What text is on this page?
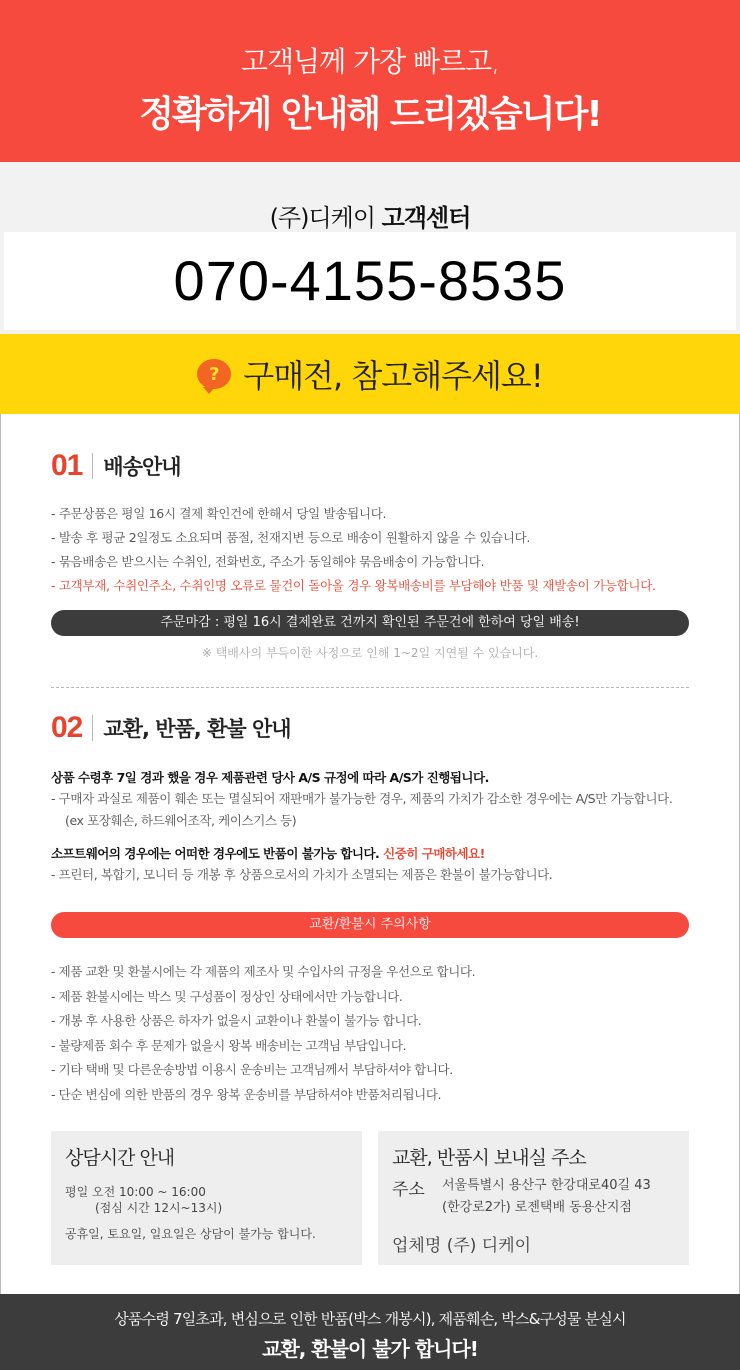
고객님께 가장 빠르고,
정확하게 안내해 드리겠습니다!
(주)디케이 고객센터
070-4155-8535
? 구매전, 참고해주세요!
01 배송안내
- 주문상품은 평일 16시 결제 확인건에 한해서 당일 발송됩니다.
- 발송 후 평균 2일정도 소요되며 품절, 천재지변 등으로 배송이 원활하지 않을 수 있습니다.
- 묶음배송은 받으시는 수취인, 전화번호, 주소가 동일해야 묶음배송이 가능합니다.
- 고객부재, 수취인주소, 수취인명 오류로 물건이 돌아올 경우 왕복배송비를 부담해야 반품 및 재발송이 가능합니다.
주문마감 : 평일 16시 결제완료 건까지 확인된 주문건에 한하여 당일 배송!
※ 택배사의 부득이한 사정으로 인해 1~2일 지연될 수 있습니다.
02 교환, 반품, 환불 안내
상품 수령후 7일 경과 했을 경우 제품관련 당사 A/S 규정에 따라 A/S가 진행됩니다.
- 구매자 과실로 제품이 훼손 또는 멸실되어 재판매가 불가능한 경우, 제품의 가치가 감소한 경우에는 A/S만 가능합니다.
(ex 포장훼손, 하드웨어조작, 케이스기스 등)
소프트웨어의 경우에는 어떠한 경우에도 반품이 불가능 합니다. 신중히 구매하세요!
- 프린터, 복합기, 모니터 등 개봉 후 상품으로서의 가치가 소멸되는 제품은 환불이 불가능합니다.
교환/환불시 주의사항
- 제품 교환 및 환불시에는 각 제품의 제조사 및 수입사의 규정을 우선으로 합니다.
- 제품 환불시에는 박스 및 구성품이 정상인 상태에서만 가능합니다.
- 개봉 후 사용한 상품은 하자가 없을시 교환이나 환불이 불가능 합니다.
- 불량제품 회수 후 문제가 없을시 왕복 배송비는 고객님 부담입니다.
- 기타 택배 및 다른운송방법 이용시 운송비는 고객님께서 부담하셔야 합니다.
- 단순 변심에 의한 반품의 경우 왕복 운송비를 부담하셔야 반품처리됩니다.
상담시간 안내
평일 오전 10:00 ~ 16:00
(점심 시간 12시~13시)
공휴일, 토요일, 일요일은 상담이 불가능 합니다.
교환, 반품시 보내실 주소
주소	서울특별시 용산구 한강대로40길 43
(한강로2가) 로젠택배 동용산지점
업체명 (주) 디케이
상품수령 7일초과, 변심으로 인한 반품(박스 개봉시), 제품훼손, 박스&구성물 분실시
교환, 환불이 불가 합니다!
